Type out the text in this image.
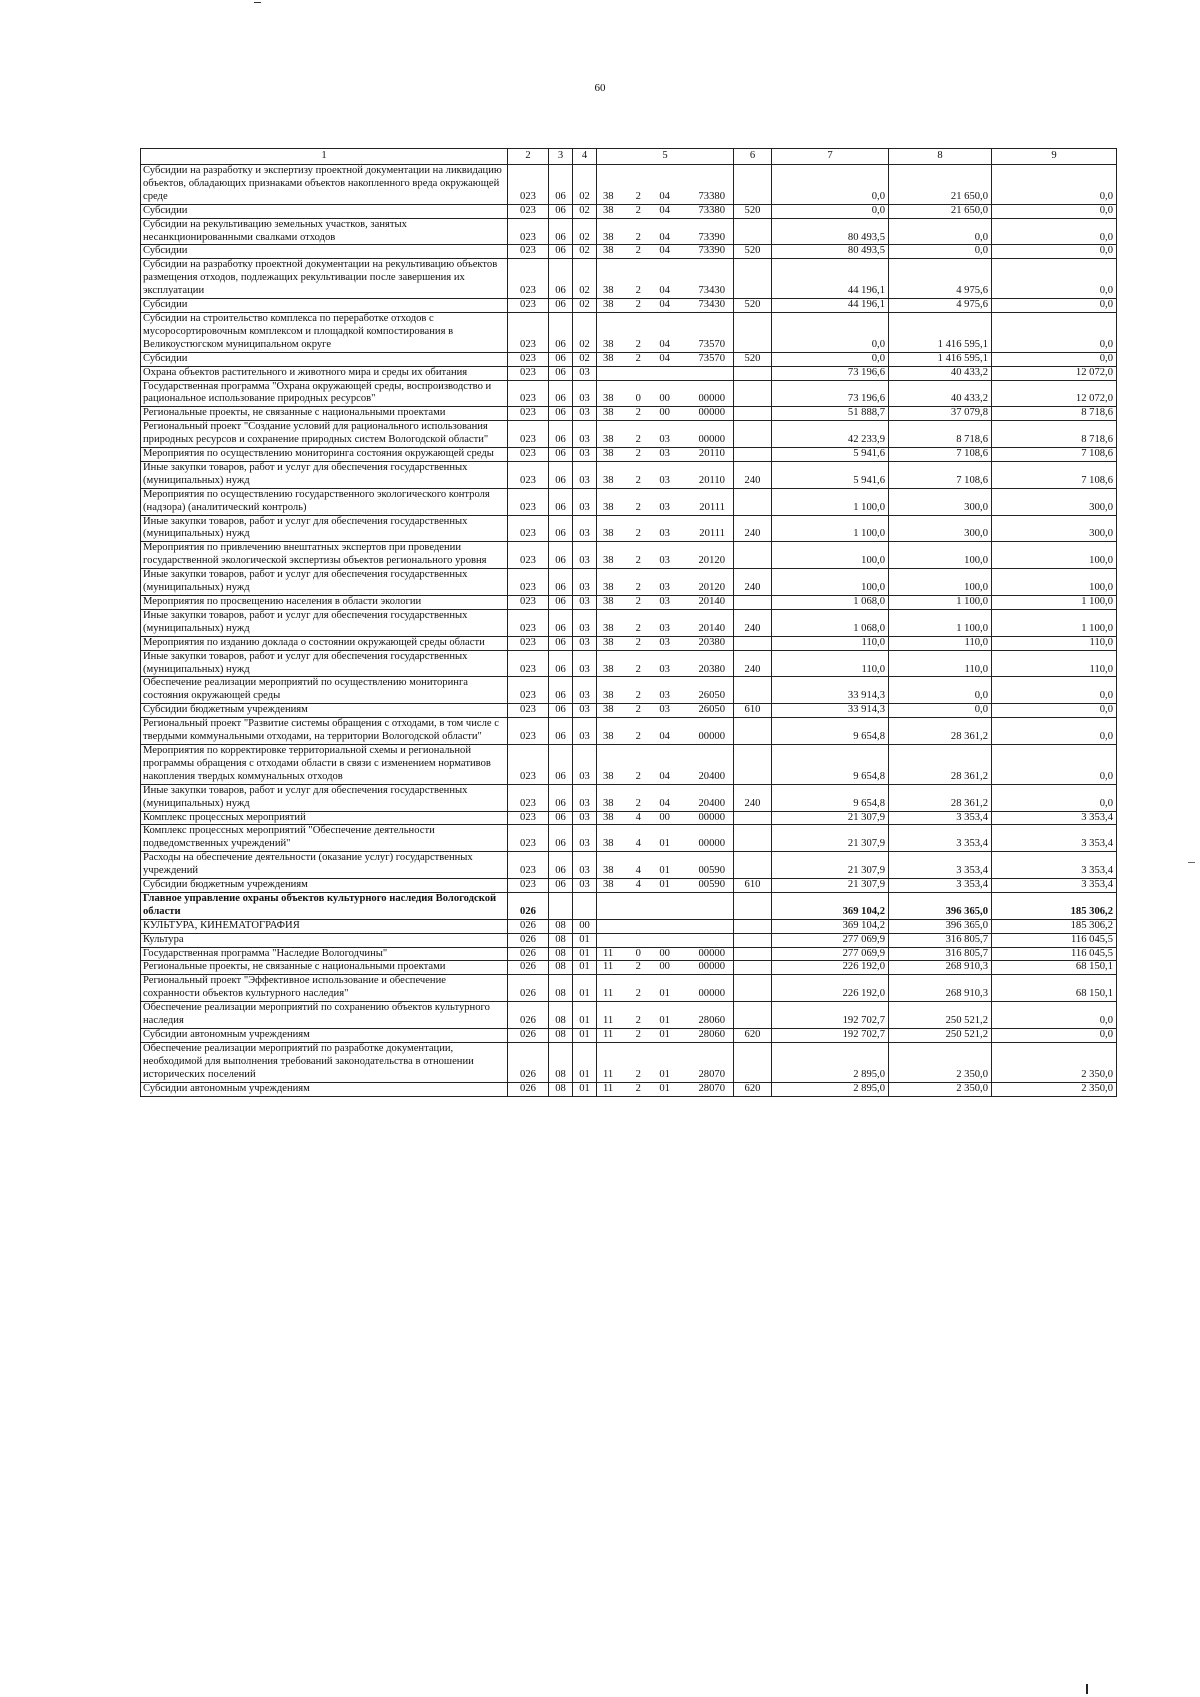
60
1	2	3	4	5	6	7	8	9
Субсидии на разработку и экспертизу проектной документации на ликвидацию объектов, обладающих признаками объектов накопленного вреда окружающей среде	023	06	02	38 2 04 73380		0,0	21 650,0	0,0
Субсидии	023	06	02	38 2 04 73380	520	0,0	21 650,0	0,0
Субсидии на рекультивацию земельных участков, занятых несанкционированными свалками отходов	023	06	02	38 2 04 73390		80 493,5	0,0	0,0
Субсидии	023	06	02	38 2 04 73390	520	80 493,5	0,0	0,0
Субсидии на разработку проектной документации на рекультивацию объектов размещения отходов, подлежащих рекультивации после завершения их эксплуатации	023	06	02	38 2 04 73430		44 196,1	4 975,6	0,0
Субсидии	023	06	02	38 2 04 73430	520	44 196,1	4 975,6	0,0
Субсидии на строительство комплекса по переработке отходов с мусоросортировочным комплексом и площадкой компостирования в Великоустюгском муниципальном округе	023	06	02	38 2 04 73570		0,0	1 416 595,1	0,0
Субсидии	023	06	02	38 2 04 73570	520	0,0	1 416 595,1	0,0
Охрана объектов растительного и животного мира и среды их обитания	023	06	03			73 196,6	40 433,2	12 072,0
Государственная программа "Охрана окружающей среды, воспроизводство и рациональное использование природных ресурсов"	023	06	03	38 0 00 00000		73 196,6	40 433,2	12 072,0
Региональные проекты, не связанные с национальными проектами	023	06	03	38 2 00 00000		51 888,7	37 079,8	8 718,6
Региональный проект "Создание условий для рационального использования природных ресурсов и сохранение природных систем Вологодской области"	023	06	03	38 2 03 00000		42 233,9	8 718,6	8 718,6
Мероприятия по осуществлению мониторинга состояния окружающей среды	023	06	03	38 2 03 20110		5 941,6	7 108,6	7 108,6
Иные закупки товаров, работ и услуг для обеспечения государственных (муниципальных) нужд	023	06	03	38 2 03 20110	240	5 941,6	7 108,6	7 108,6
Мероприятия по осуществлению государственного экологического контроля (надзора) (аналитический контроль)	023	06	03	38 2 03 20111		1 100,0	300,0	300,0
Иные закупки товаров, работ и услуг для обеспечения государственных (муниципальных) нужд	023	06	03	38 2 03 20111	240	1 100,0	300,0	300,0
Мероприятия по привлечению внештатных экспертов при проведении государственной экологической экспертизы объектов регионального уровня	023	06	03	38 2 03 20120		100,0	100,0	100,0
Иные закупки товаров, работ и услуг для обеспечения государственных (муниципальных) нужд	023	06	03	38 2 03 20120	240	100,0	100,0	100,0
Мероприятия по просвещению населения в области экологии	023	06	03	38 2 03 20140		1 068,0	1 100,0	1 100,0
Иные закупки товаров, работ и услуг для обеспечения государственных (муниципальных) нужд	023	06	03	38 2 03 20140	240	1 068,0	1 100,0	1 100,0
Мероприятия по изданию доклада о состоянии окружающей среды области	023	06	03	38 2 03 20380		110,0	110,0	110,0
Иные закупки товаров, работ и услуг для обеспечения государственных (муниципальных) нужд	023	06	03	38 2 03 20380	240	110,0	110,0	110,0
Обеспечение реализации мероприятий по осуществлению мониторинга состояния окружающей среды	023	06	03	38 2 03 26050		33 914,3	0,0	0,0
Субсидии бюджетным учреждениям	023	06	03	38 2 03 26050	610	33 914,3	0,0	0,0
Региональный проект "Развитие системы обращения с отходами, в том числе с твердыми коммунальными отходами, на территории Вологодской области"	023	06	03	38 2 04 00000		9 654,8	28 361,2	0,0
Мероприятия по корректировке территориальной схемы и региональной программы обращения с отходами области в связи с изменением нормативов накопления твердых коммунальных отходов	023	06	03	38 2 04 20400		9 654,8	28 361,2	0,0
Иные закупки товаров, работ и услуг для обеспечения государственных (муниципальных) нужд	023	06	03	38 2 04 20400	240	9 654,8	28 361,2	0,0
Комплекс процессных мероприятий	023	06	03	38 4 00 00000		21 307,9	3 353,4	3 353,4
Комплекс процессных мероприятий "Обеспечение деятельности подведомственных учреждений"	023	06	03	38 4 01 00000		21 307,9	3 353,4	3 353,4
Расходы на обеспечение деятельности (оказание услуг) государственных учреждений	023	06	03	38 4 01 00590		21 307,9	3 353,4	3 353,4
Субсидии бюджетным учреждениям	023	06	03	38 4 01 00590	610	21 307,9	3 353,4	3 353,4
Главное управление охраны объектов культурного наследия Вологодской области	026					369 104,2	396 365,0	185 306,2
КУЛЬТУРА, КИНЕМАТОГРАФИЯ	026	08	00			369 104,2	396 365,0	185 306,2
Культура	026	08	01			277 069,9	316 805,7	116 045,5
Государственная программа "Наследие Вологодчины"	026	08	01	11 0 00 00000		277 069,9	316 805,7	116 045,5
Региональные проекты, не связанные с национальными проектами	026	08	01	11 2 00 00000		226 192,0	268 910,3	68 150,1
Региональный проект "Эффективное использование и обеспечение сохранности объектов культурного наследия"	026	08	01	11 2 01 00000		226 192,0	268 910,3	68 150,1
Обеспечение реализации мероприятий по сохранению объектов культурного наследия	026	08	01	11 2 01 28060		192 702,7	250 521,2	0,0
Субсидии автономным учреждениям	026	08	01	11 2 01 28060	620	192 702,7	250 521,2	0,0
Обеспечение реализации мероприятий по разработке документации, необходимой для выполнения требований законодательства в отношении исторических поселений	026	08	01	11 2 01 28070		2 895,0	2 350,0	2 350,0
Субсидии автономным учреждениям	026	08	01	11 2 01 28070	620	2 895,0	2 350,0	2 350,0
